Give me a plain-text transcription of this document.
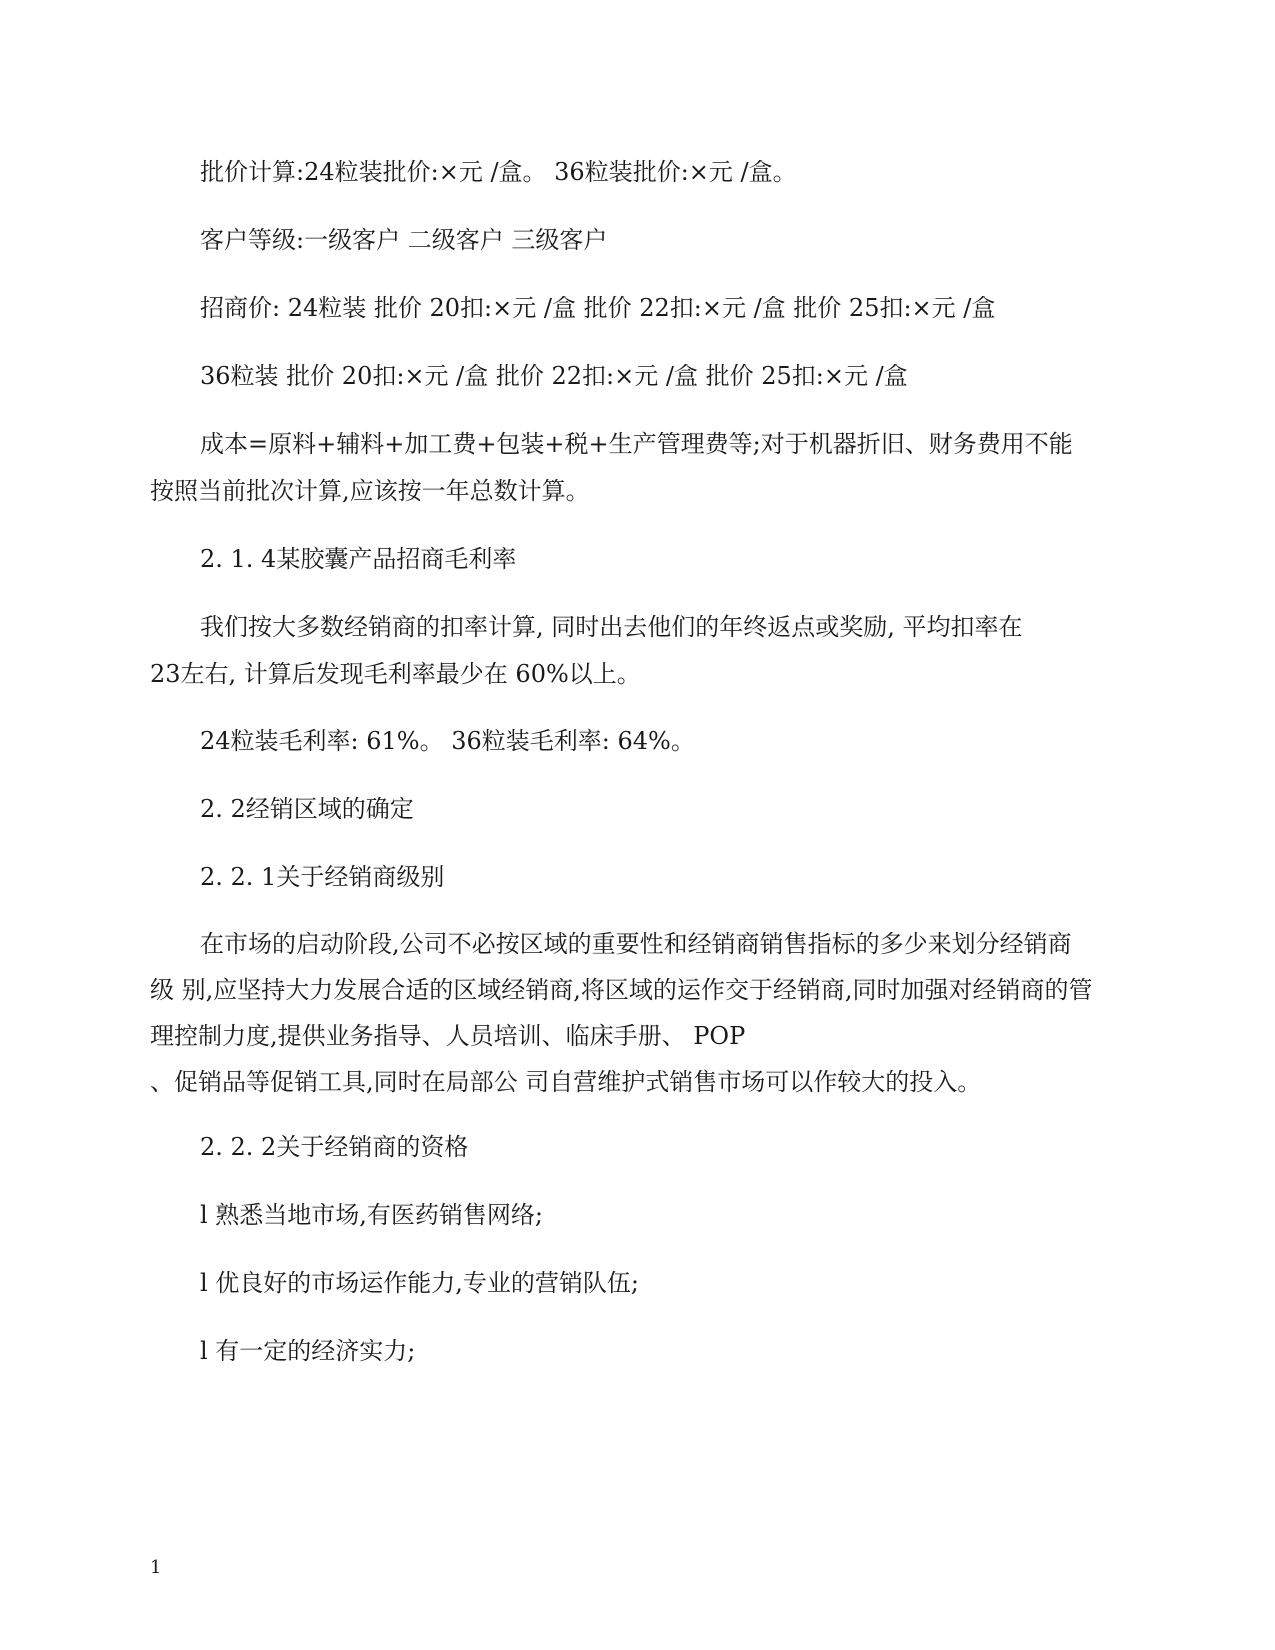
批价计算:24粒装批价:×元 /盒。 36粒装批价:×元 /盒。

客户等级:一级客户 二级客户 三级客户

招商价: 24粒装 批价 20扣:×元 /盒 批价 22扣:×元 /盒 批价 25扣:×元 /盒

36粒装 批价 20扣:×元 /盒 批价 22扣:×元 /盒 批价 25扣:×元 /盒

成本=原料+辅料+加工费+包装+税+生产管理费等;对于机器折旧、财务费用不能

按照当前批次计算,应该按一年总数计算。

2. 1. 4某胶囊产品招商毛利率

我们按大多数经销商的扣率计算, 同时出去他们的年终返点或奖励, 平均扣率在

23左右, 计算后发现毛利率最少在 60%以上。

24粒装毛利率: 61%。 36粒装毛利率: 64%。

2. 2经销区域的确定

2. 2. 1关于经销商级别

在市场的启动阶段,公司不必按区域的重要性和经销商销售指标的多少来划分经销商

级 别,应坚持大力发展合适的区域经销商,将区域的运作交于经销商,同时加强对经销商的管

理控制力度,提供业务指导、人员培训、临床手册、 POP

、促销品等促销工具,同时在局部公 司自营维护式销售市场可以作较大的投入。

2. 2. 2关于经销商的资格

l 熟悉当地市场,有医药销售网络;

l 优良好的市场运作能力,专业的营销队伍;

l 有一定的经济实力;

1
